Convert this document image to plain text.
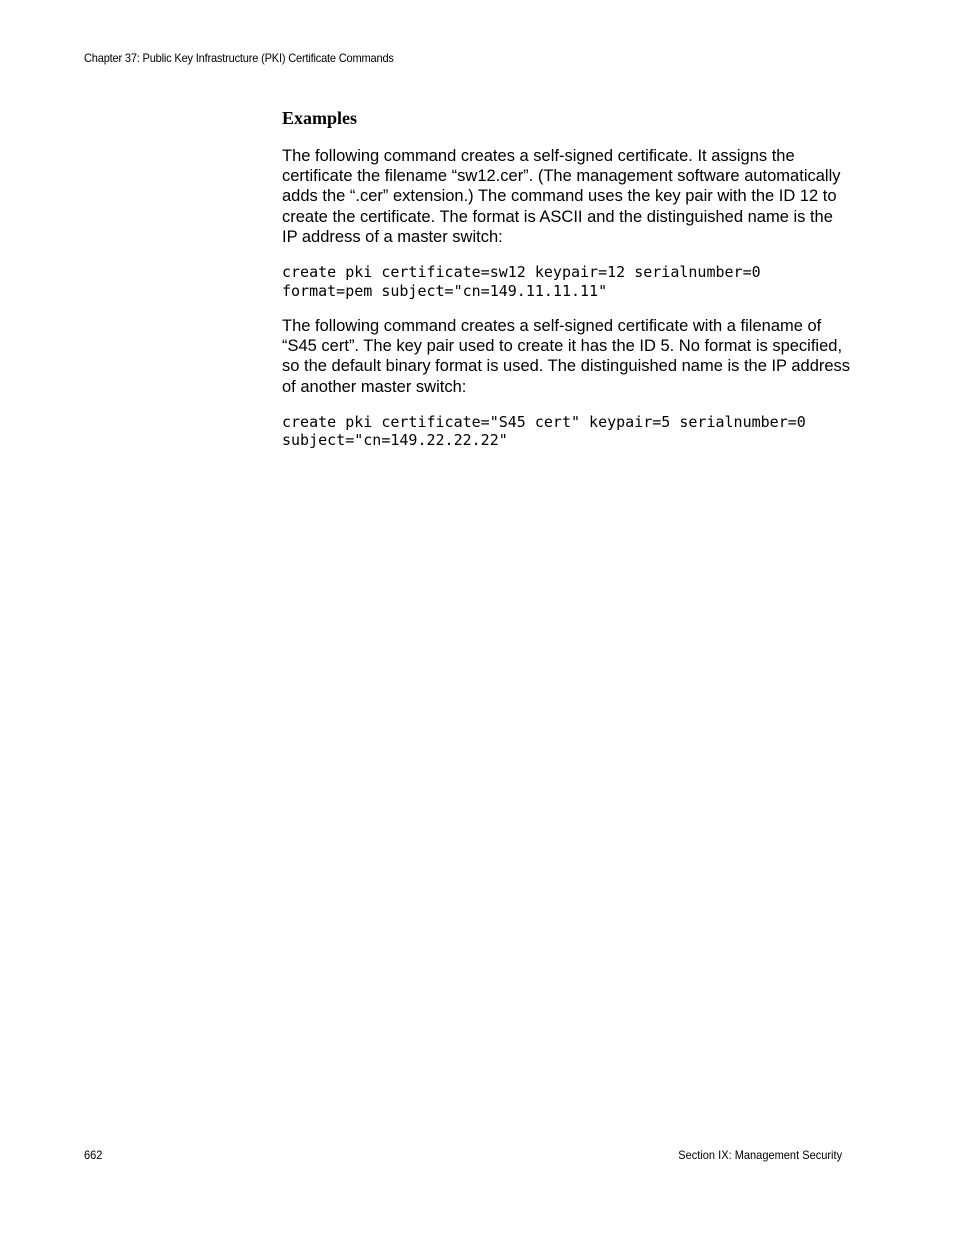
Chapter 37: Public Key Infrastructure (PKI) Certificate Commands
Examples
The following command creates a self-signed certificate. It assigns the certificate the filename “sw12.cer”. (The management software automatically adds the “.cer” extension.) The command uses the key pair with the ID 12 to create the certificate. The format is ASCII and the distinguished name is the IP address of a master switch:
create pki certificate=sw12 keypair=12 serialnumber=0
format=pem subject="cn=149.11.11.11"
The following command creates a self-signed certificate with a filename of “S45 cert”. The key pair used to create it has the ID 5. No format is specified, so the default binary format is used. The distinguished name is the IP address of another master switch:
create pki certificate="S45 cert" keypair=5 serialnumber=0
subject="cn=149.22.22.22"
662	Section IX: Management Security
